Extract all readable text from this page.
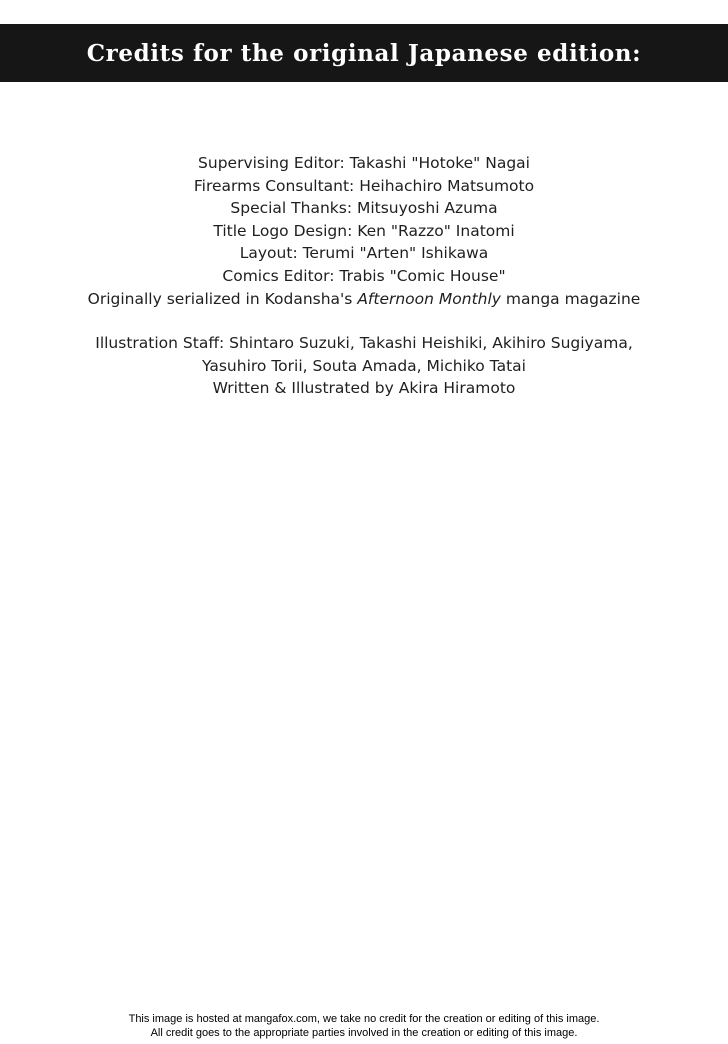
Credits for the original Japanese edition:
Supervising Editor: Takashi "Hotoke" Nagai
Firearms Consultant: Heihachiro Matsumoto
Special Thanks: Mitsuyoshi Azuma
Title Logo Design: Ken "Razzo" Inatomi
Layout: Terumi "Arten" Ishikawa
Comics Editor: Trabis "Comic House"
Originally serialized in Kodansha's Afternoon Monthly manga magazine
Illustration Staff: Shintaro Suzuki, Takashi Heishiki, Akihiro Sugiyama,
Yasuhiro Torii, Souta Amada, Michiko Tatai
Written & Illustrated by Akira Hiramoto
This image is hosted at mangafox.com, we take no credit for the creation or editing of this image.
All credit goes to the appropriate parties involved in the creation or editing of this image.
